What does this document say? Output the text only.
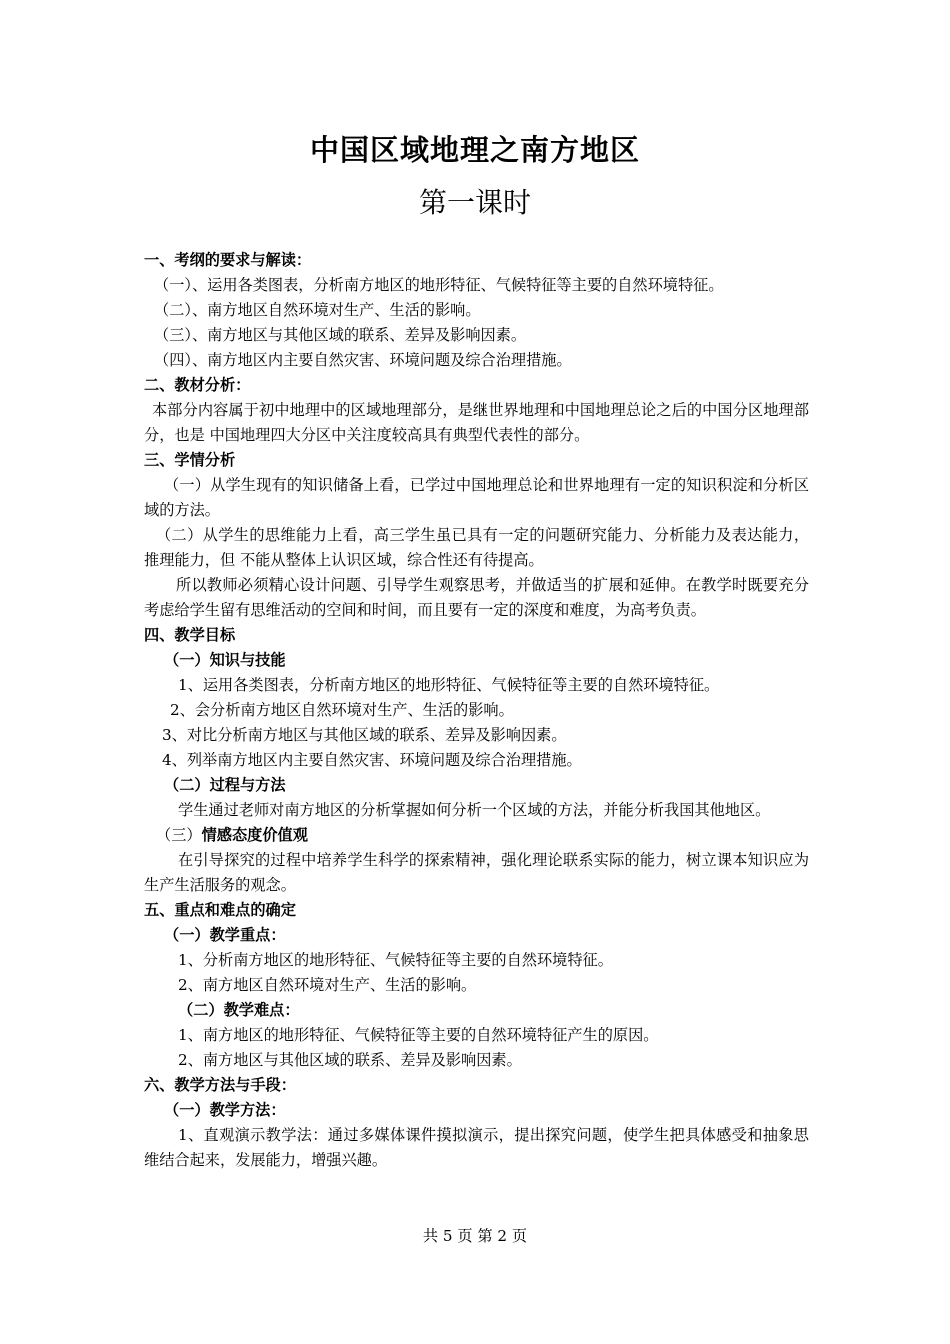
中国区域地理之南方地区
第一课时
一、考纲的要求与解读：
（一）、运用各类图表，分析南方地区的地形特征、气候特征等主要的自然环境特征。
（二）、南方地区自然环境对生产、生活的影响。
（三）、南方地区与其他区域的联系、差异及影响因素。
（四）、南方地区内主要自然灾害、环境问题及综合治理措施。
二、教材分析：
本部分内容属于初中地理中的区域地理部分，是继世界地理和中国地理总论之后的中国分区地理部分，也是 中国地理四大分区中关注度较高具有典型代表性的部分。
三、学情分析
（一）从学生现有的知识储备上看，已学过中国地理总论和世界地理有一定的知识积淀和分析区域的方法。
（二）从学生的思维能力上看，高三学生虽已具有一定的问题研究能力、分析能力及表达能力，推理能力，但 不能从整体上认识区域，综合性还有待提高。
所以教师必须精心设计问题、引导学生观察思考，并做适当的扩展和延伸。在教学时既要充分考虑给学生留有思维活动的空间和时间，而且要有一定的深度和难度，为高考负责。
四、教学目标
（一）知识与技能
1、运用各类图表，分析南方地区的地形特征、气候特征等主要的自然环境特征。
2、会分析南方地区自然环境对生产、生活的影响。
3、对比分析南方地区与其他区域的联系、差异及影响因素。
4、列举南方地区内主要自然灾害、环境问题及综合治理措施。
（二）过程与方法
学生通过老师对南方地区的分析掌握如何分析一个区域的方法，并能分析我国其他地区。
（三）情感态度价值观
在引导探究的过程中培养学生科学的探索精神，强化理论联系实际的能力，树立课本知识应为生产生活服务的观念。
五、重点和难点的确定
（一）教学重点：
1、分析南方地区的地形特征、气候特征等主要的自然环境特征。
2、南方地区自然环境对生产、生活的影响。
（二）教学难点：
1、南方地区的地形特征、气候特征等主要的自然环境特征产生的原因。
2、南方地区与其他区域的联系、差异及影响因素。
六、教学方法与手段：
（一）教学方法：
1、直观演示教学法：通过多媒体课件摸拟演示，提出探究问题，使学生把具体感受和抽象思维结合起来，发展能力，增强兴趣。
共 5 页 第 2 页
